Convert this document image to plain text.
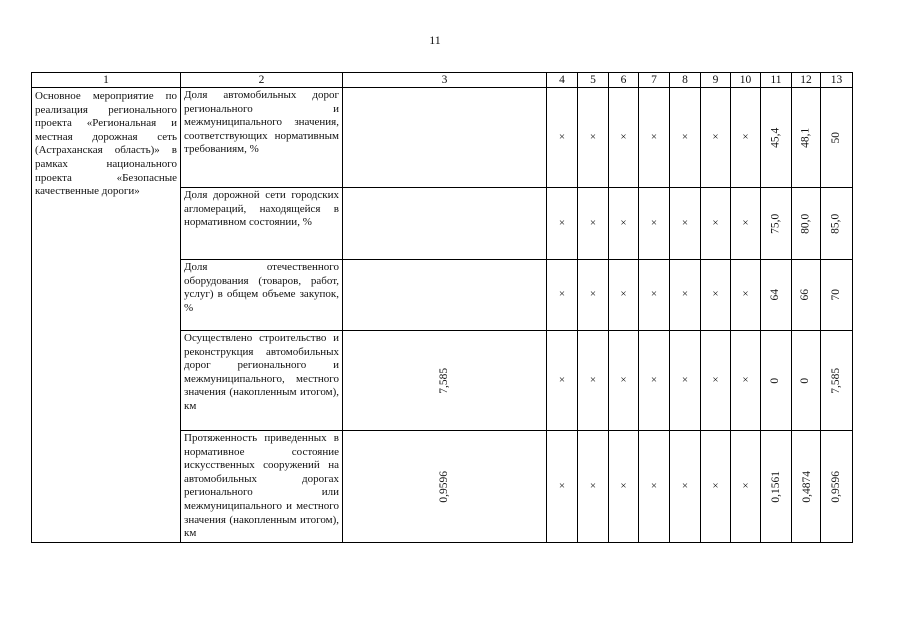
11
1	2	3	4	5	6	7	8	9	10	11	12	13

Основное мероприятие по реализация регионального проекта «Региональная и местная дорожная сеть (Астраханская область)» в рамках национального проекта «Безопасные качественные дороги»	Доля автомобильных дорог регионального и межмуниципального значения, соответствующих нормативным требованиям, %		×	×	×	×	×	×	×	45,4	48,1	50

	Доля дорожной сети городских агломераций, находящейся в нормативном состоянии, %		×	×	×	×	×	×	×	75,0	80,0	85,0

	Доля отечественного оборудования (товаров, работ, услуг) в общем объеме закупок, %		×	×	×	×	×	×	×	64	66	70

	Осуществлено строительство и реконструкция автомобильных дорог регионального и межмуниципального, местного значения (накопленным итогом), км	7,585	×	×	×	×	×	×	×	0	0	7,585

	Протяженность приведенных в нормативное состояние искусственных сооружений на автомобильных дорогах регионального или межмуниципального и местного значения (накопленным итогом), км	0,9596	×	×	×	×	×	×	×	0,1561	0,4874	0,9596
